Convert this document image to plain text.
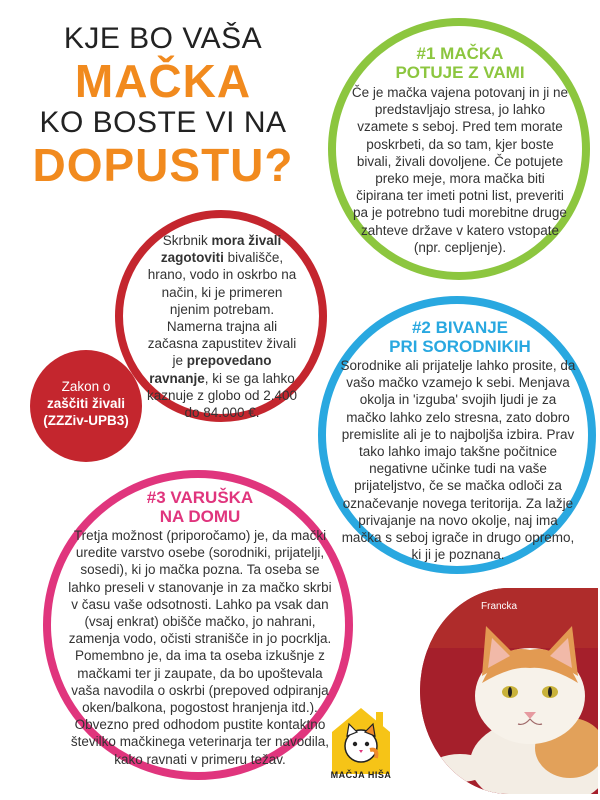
KJE BO VAŠA
MAČKA
KO BOSTE VI NA
DOPUSTU?
#1 MAČKA
POTUJE Z VAMI
Če je mačka vajena potovanj in ji ne predstavljajo stresa, jo lahko vzamete s seboj. Pred tem morate poskrbeti, da so tam, kjer boste bivali, živali dovoljene. Če potujete preko meje, mora mačka biti čipirana ter imeti potni list, preveriti pa je potrebno tudi morebitne druge zahteve države v katero vstopate (npr. cepljenje).
Skrbnik mora živali zagotoviti bivališče, hrano, vodo in oskrbo na način, ki je primeren njenim potrebam. Namerna trajna ali začasna zapustitev živali je prepovedano ravnanje, ki se ga lahko kaznuje z globo od 2.400 do 84.000 €.
Zakon o
zaščiti živali
(ZZZiv-UPB3)
#2 BIVANJE
PRI SORODNIKIH
Sorodnike ali prijatelje lahko prosite, da vašo mačko vzamejo k sebi. Menjava okolja in 'izguba' svojih ljudi je za mačko lahko zelo stresna, zato dobro premislite ali je to najboljša izbira. Prav tako lahko imajo takšne počitnice negativne učinke tudi na vaše prijateljstvo, če se mačka odloči za označevanje novega teritorija. Za lažje privajanje na novo okolje, naj ima mačka s seboj igrače in drugo opremo, ki ji je poznana.
#3 VARUŠKA
NA DOMU
Tretja možnost (priporočamo) je, da mački uredite varstvo osebe (sorodniki, prijatelji, sosedi), ki jo mačka pozna. Ta oseba se lahko preseli v stanovanje in za mačko skrbi v času vaše odsotnosti. Lahko pa vsak dan (vsaj enkrat) obišče mačko, jo nahrani, zamenja vodo, očisti stranišče in jo pocrklja. Pomembno je, da ima ta oseba izkušnje z mačkami ter ji zaupate, da bo upoštevala vaša navodila o oskrbi (prepoved odpiranja oken/balkona, pogostost hranjenja itd.). Obvezno pred odhodom pustite kontaktno številko mačkinega veterinarja ter navodila, kako ravnati v primeru težav.
Francka
MAČJA HIŠA
